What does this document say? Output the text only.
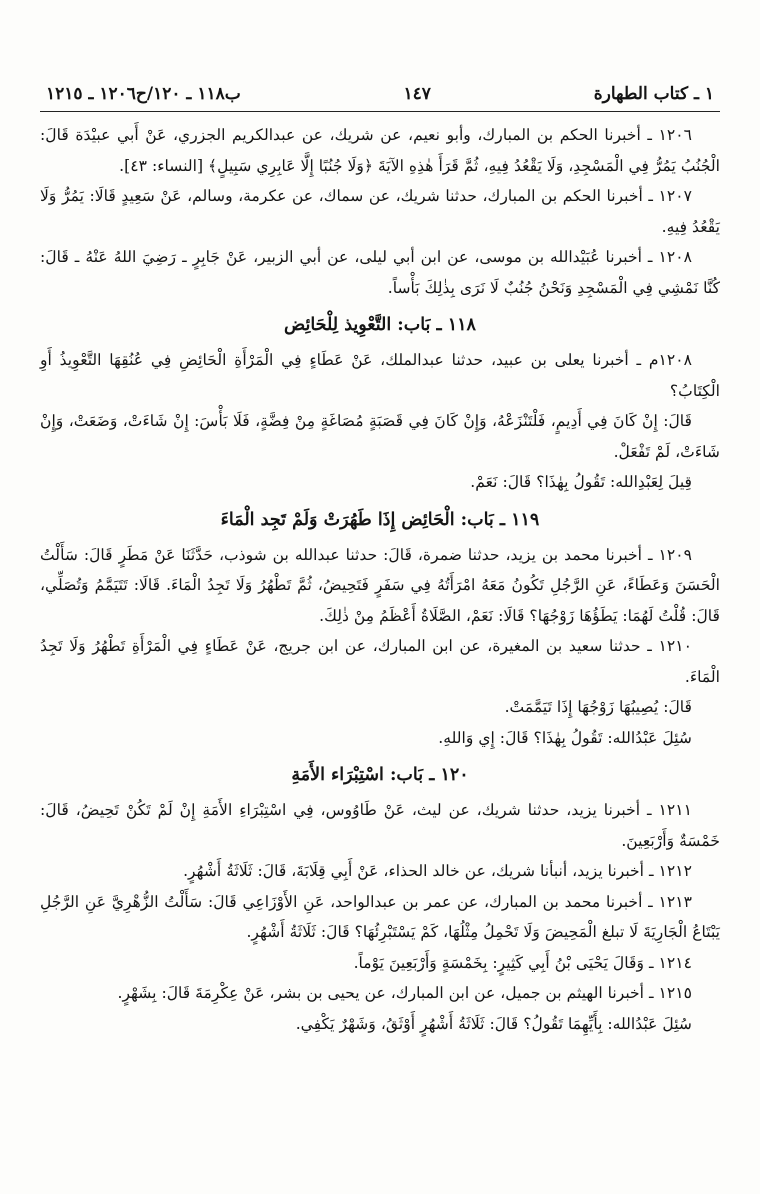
١ ـ كتاب الطهارة
١٤٧
ب١١٨ ـ ١٢٠/ح١٢٠٦ ـ ١٢١٥

١٢٠٦ ـ أخبرنا الحكم بن المبارك، وأبو نعيم، عن شريك، عن عبدالكريم الجزري، عَنْ أَبي عبيْدَة قَالَ: الْجُنُبُ يَمُرُّ فِي الْمَسْجِدِ، وَلَا يَقْعُدُ فِيهِ، ثُمَّ قَرَأَ هٰذِهِ الآيَةَ ﴿وَلَا جُنُبًا إِلَّا عَابِرِي سَبِيلٍ﴾ [النساء: ٤٣].

١٢٠٧ ـ أخبرنا الحكم بن المبارك، حدثنا شريك، عن سماك، عن عكرمة، وسالم، عَنْ سَعِيدٍ قَالَا: يَمُرُّ وَلَا يَقْعُدُ فِيهِ.

١٢٠٨ ـ أخبرنا عُبَيْدالله بن موسى، عن ابن أبي ليلى، عن أبي الزبير، عَنْ جَابِرٍ ـ رَضِيَ اللهُ عَنْهُ ـ قَالَ: كُنَّا نَمْشِي فِي الْمَسْجِدِ وَنَحْنُ جُنُبٌ لَا نَرَى بِذٰلِكَ بَأْساً.

١١٨ ـ بَاب: التَّعْوِيذ لِلْحَائِض

١٢٠٨م ـ أخبرنا يعلى بن عبيد، حدثنا عبدالملك، عَنْ عَطَاءٍ فِي الْمَرْأَةِ الْحَائِضِ فِي عُنُقِهَا التَّعْوِيذُ أَوِ الْكِتَابُ؟

قَالَ: إِنْ كَانَ فِي أَدِيمٍ، فَلْتَنْزَعْهُ، وَإِنْ كَانَ فِي قَصَبَةٍ مُصَاغَةٍ مِنْ فِضَّةٍ، فَلَا بَأْسَ: إِنْ شَاءَتْ، وَضَعَتْ، وَإِنْ شَاءَتْ، لَمْ تَفْعَلْ.

قِيلَ لِعَبْدِالله: تَقُولُ بِهٰذَا؟ قَالَ: نَعَمْ.

١١٩ ـ بَاب: الْحَائِض إِذَا طَهُرَتْ وَلَمْ تَجِد الْمَاءَ

١٢٠٩ ـ أخبرنا محمد بن يزيد، حدثنا ضمرة، قَالَ: حدثنا عبدالله بن شوذب، حَدَّثَنَا عَنْ مَطَرٍ قَالَ: سَأَلْتُ الْحَسَنَ وَعَطَاءً، عَنِ الرَّجُلِ تَكُونُ مَعَهُ امْرَأَتُهُ فِي سَفَرٍ فَتَحِيضُ، ثُمَّ تَطْهُرُ وَلَا تَجِدُ الْمَاءَ. قَالَا: تَتَيَمَّمُ وَتُصَلِّي، قَالَ: قُلْتُ لَهُمَا: يَطَؤُهَا زَوْجُهَا؟ قَالَا: نَعَمْ، الصَّلَاةُ أَعْظَمُ مِنْ ذٰلِكَ.

١٢١٠ ـ حدثنا سعيد بن المغيرة، عن ابن المبارك، عن ابن جريج، عَنْ عَطَاءٍ فِي الْمَرْأَةِ تَطْهُرُ وَلَا تَجِدُ الْمَاءَ.

قَالَ: يُصِيبُهَا زَوْجُهَا إِذَا تَيَمَّمَتْ.

سُئِلَ عَبْدُالله: تَقُولُ بِهٰذَا؟ قَالَ: إِي وَاللهِ.

١٢٠ ـ بَاب: اسْتِبْرَاء الأَمَةِ

١٢١١ ـ أخبرنا يزيد، حدثنا شريك، عن ليث، عَنْ طَاوُوس، فِي اسْتِبْرَاءِ الأَمَةِ إِنْ لَمْ تَكُنْ تَحِيضُ، قَالَ: خَمْسَةٌ وَأَرْبَعِينَ.

١٢١٢ ـ أخبرنا يزيد، أنبأنا شريك، عن خالد الحذاء، عَنْ أَبِي قِلَابَةَ، قَالَ: ثَلَاثَةُ أَشْهُرٍ.

١٢١٣ ـ أخبرنا محمد بن المبارك، عن عمر بن عبدالواحد، عَنِ الأَوْزَاعِي قَالَ: سَأَلْتُ الزُّهْرِيَّ عَنِ الرَّجُلِ يَبْتَاعُ الْجَارِيَةَ لَا تبلغ الْمَحِيضَ وَلَا تَحْمِلُ مِثْلُهَا، كَمْ يَسْتَبْرِئُهَا؟ قَالَ: ثَلَاثَةُ أَشْهُرٍ.

١٢١٤ ـ وَقَالَ يَحْيَى بْنُ أَبِي كَثِيرٍ: بِخَمْسَةٍ وَأَرْبَعِينَ يَوْماً.

١٢١٥ ـ أخبرنا الهيثم بن جميل، عن ابن المبارك، عن يحيى بن بشر، عَنْ عِكْرِمَةَ قَالَ: بِشَهْرٍ.

سُئِلَ عَبْدُالله: بِأَيِّهِمَا تَقُولُ؟ قَالَ: ثَلَاثَةُ أَشْهُرٍ أَوْثَقُ، وَشَهْرٌ يَكْفِي.
